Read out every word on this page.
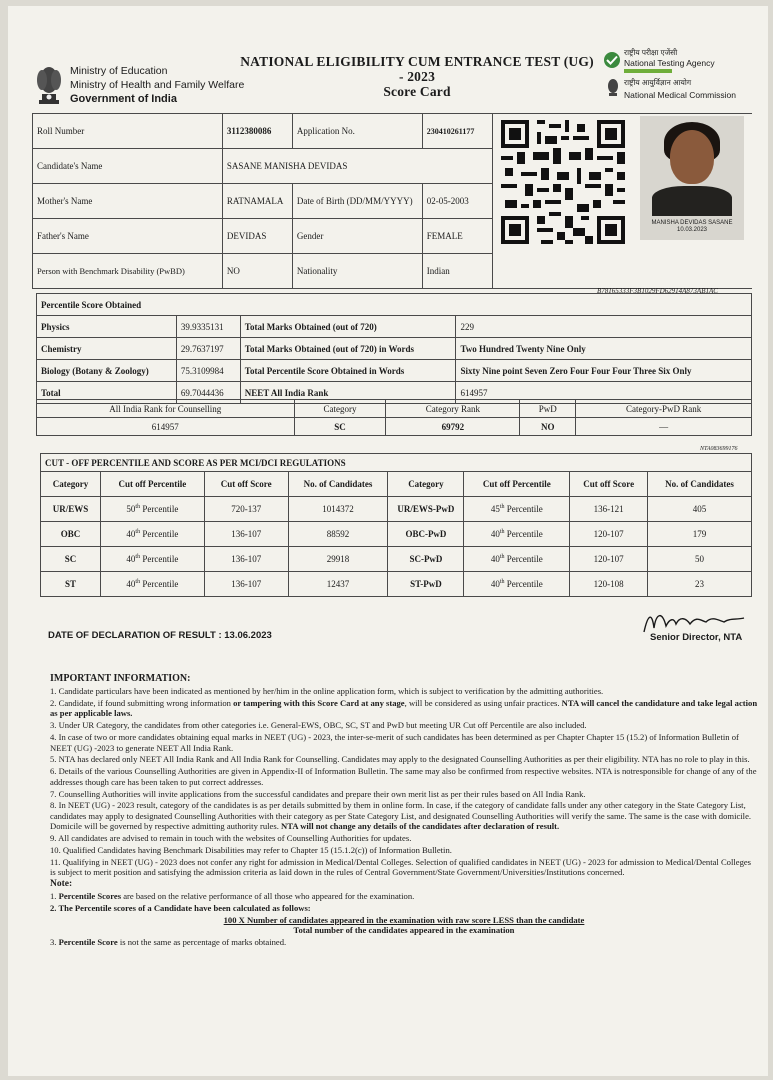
Ministry of Education
Ministry of Health and Family Welfare
Government of India
NATIONAL ELIGIBILITY CUM ENTRANCE TEST (UG)
- 2023
Score Card
राष्ट्रीय परीक्षा एजेंसी
National Testing Agency
राष्ट्रीय आयुर्विज्ञान आयोग
National Medical Commission
Roll Number	3112380086	Application No.	230410261177	
Candidate's Name	SASANE MANISHA DEVIDAS			
Mother's Name	RATNAMALA	Date of Birth (DD/MM/YYYY)	02-05-2003	
Father's Name	DEVIDAS	Gender	FEMALE	
Person with Benchmark Disability (PwBD)	NO	Nationality	Indian	
MANISHA DEVIDAS SASANE
10.03.2023
B78165333F3B1029FD62914A873AB1AC
Percentile Score Obtained			
Physics	39.9335131	Total Marks Obtained (out of 720)	229
Chemistry	29.7637197	Total Marks Obtained (out of 720) in Words	Two Hundred Twenty Nine Only
Biology (Botany & Zoology)	75.3109984	Total Percentile Score Obtained in Words	Sixty Nine point Seven Zero Four Four Four Three Six Only
Total	69.7044436	NEET All India Rank	614957
All India Rank for Counselling	Category	Category Rank	PwD	Category-PwD Rank
614957	SC	69792	NO	—
NTA083699176
CUT - OFF PERCENTILE AND SCORE AS PER MCI/DCI REGULATIONS							
Category	Cut off Percentile	Cut off Score	No. of Candidates	Category	Cut off Percentile	Cut off Score	No. of Candidates
UR/EWS	50th Percentile	720-137	1014372	UR/EWS-PwD	45th Percentile	136-121	405
OBC	40th Percentile	136-107	88592	OBC-PwD	40th Percentile	120-107	179
SC	40th Percentile	136-107	29918	SC-PwD	40th Percentile	120-107	50
ST	40th Percentile	136-107	12437	ST-PwD	40th Percentile	120-108	23
DATE OF DECLARATION OF RESULT : 13.06.2023	Senior Director, NTA
IMPORTANT INFORMATION:

1. Candidate particulars have been indicated as mentioned by her/him in the online application form, which is subject to verification by the admitting authorities.

2. Candidate, if found submitting wrong information or tampering with this Score Card at any stage, will be considered as using unfair practices. NTA will cancel the candidature and take legal action as per applicable laws.

3. Under UR Category, the candidates from other categories i.e. General-EWS, OBC, SC, ST and PwD but meeting UR Cut off Percentile are also included.

4. In case of two or more candidates obtaining equal marks in NEET (UG) - 2023, the inter-se-merit of such candidates has been determined as per Chapter Chapter 15 (15.2) of Information Bulletin of NEET (UG) -2023 to generate NEET All India Rank.

5. NTA has declared only NEET All India Rank and All India Rank for Counselling. Candidates may apply to the designated Counselling Authorities as per their eligibility. NTA has no role to play in this.

6. Details of the various Counselling Authorities are given in Appendix-II of Information Bulletin. The same may also be confirmed from respective websites. NTA is notresponsible for change of any of the addresses though care has been taken to put correct addresses.

7. Counselling Authorities will invite applications from the successful candidates and prepare their own merit list as per their rules based on All India Rank.

8. In NEET (UG) - 2023 result, category of the candidates is as per details submitted by them in online form. In case, if the category of candidate falls under any other category in the State Category List, candidates may apply to designated Counselling Authorities with their category as per State Category List, and designated Counselling Authorities will verify the same. The same is the case with domicile. Domicile will be governed by respective admitting authority rules. NTA will not change any details of the candidates after declaration of result.

9. All candidates are advised to remain in touch with the websites of Counselling Authorities for updates.

10. Qualified Candidates having Benchmark Disabilities may refer to Chapter 15 (15.1.2(c)) of Information Bulletin.

11. Qualifying in NEET (UG) - 2023 does not confer any right for admission in Medical/Dental Colleges. Selection of qualified candidates in NEET (UG) - 2023 for admission to Medical/Dental Colleges is subject to merit position and satisfying the admission criteria as laid down in the rules of Central Government/State Government/Universities/Institutions concerned.

Note:

1. Percentile Scores are based on the relative performance of all those who appeared for the examination.

2. The Percentile scores of a Candidate have been calculated as follows:

100 X Number of candidates appeared in the examination with raw score LESS than the candidate

Total number of the candidates appeared in the examination

3. Percentile Score is not the same as percentage of marks obtained.
